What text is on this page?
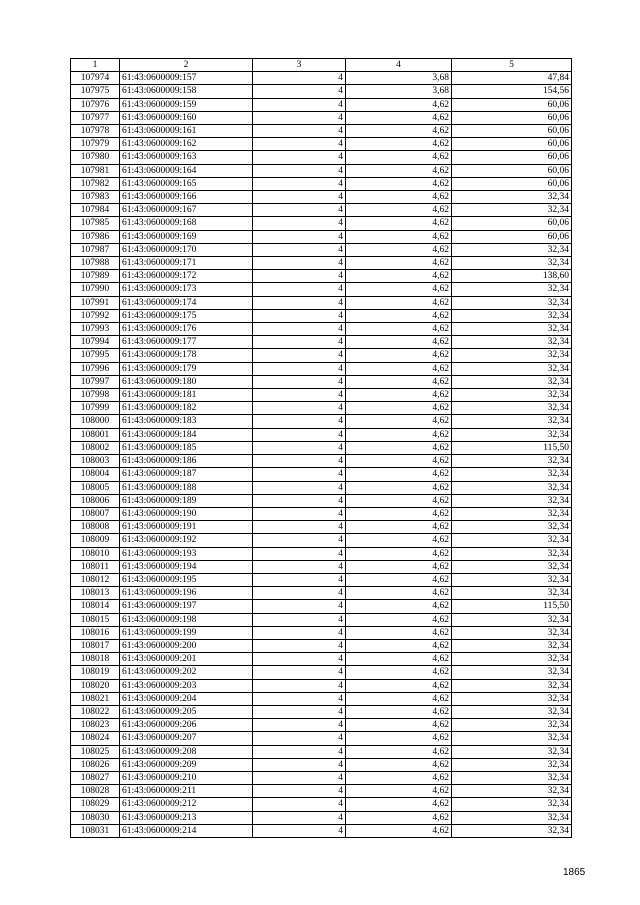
1	2	3	4	5
107974	61:43:0600009:157	4	3,68	47,84
107975	61:43:0600009:158	4	3,68	154,56
107976	61:43:0600009:159	4	4,62	60,06
107977	61:43:0600009:160	4	4,62	60,06
107978	61:43:0600009:161	4	4,62	60,06
107979	61:43:0600009:162	4	4,62	60,06
107980	61:43:0600009:163	4	4,62	60,06
107981	61:43:0600009:164	4	4,62	60,06
107982	61:43:0600009:165	4	4,62	60,06
107983	61:43:0600009:166	4	4,62	32,34
107984	61:43:0600009:167	4	4,62	32,34
107985	61:43:0600009:168	4	4,62	60,06
107986	61:43:0600009:169	4	4,62	60,06
107987	61:43:0600009:170	4	4,62	32,34
107988	61:43:0600009:171	4	4,62	32,34
107989	61:43:0600009:172	4	4,62	138,60
107990	61:43:0600009:173	4	4,62	32,34
107991	61:43:0600009:174	4	4,62	32,34
107992	61:43:0600009:175	4	4,62	32,34
107993	61:43:0600009:176	4	4,62	32,34
107994	61:43:0600009:177	4	4,62	32,34
107995	61:43:0600009:178	4	4,62	32,34
107996	61:43:0600009:179	4	4,62	32,34
107997	61:43:0600009:180	4	4,62	32,34
107998	61:43:0600009:181	4	4,62	32,34
107999	61:43:0600009:182	4	4,62	32,34
108000	61:43:0600009:183	4	4,62	32,34
108001	61:43:0600009:184	4	4,62	32,34
108002	61:43:0600009:185	4	4,62	115,50
108003	61:43:0600009:186	4	4,62	32,34
108004	61:43:0600009:187	4	4,62	32,34
108005	61:43:0600009:188	4	4,62	32,34
108006	61:43:0600009:189	4	4,62	32,34
108007	61:43:0600009:190	4	4,62	32,34
108008	61:43:0600009:191	4	4,62	32,34
108009	61:43:0600009:192	4	4,62	32,34
108010	61:43:0600009:193	4	4,62	32,34
108011	61:43:0600009:194	4	4,62	32,34
108012	61:43:0600009:195	4	4,62	32,34
108013	61:43:0600009:196	4	4,62	32,34
108014	61:43:0600009:197	4	4,62	115,50
108015	61:43:0600009:198	4	4,62	32,34
108016	61:43:0600009:199	4	4,62	32,34
108017	61:43:0600009:200	4	4,62	32,34
108018	61:43:0600009:201	4	4,62	32,34
108019	61:43:0600009:202	4	4,62	32,34
108020	61:43:0600009:203	4	4,62	32,34
108021	61:43:0600009:204	4	4,62	32,34
108022	61:43:0600009:205	4	4,62	32,34
108023	61:43:0600009:206	4	4,62	32,34
108024	61:43:0600009:207	4	4,62	32,34
108025	61:43:0600009:208	4	4,62	32,34
108026	61:43:0600009:209	4	4,62	32,34
108027	61:43:0600009:210	4	4,62	32,34
108028	61:43:0600009:211	4	4,62	32,34
108029	61:43:0600009:212	4	4,62	32,34
108030	61:43:0600009:213	4	4,62	32,34
108031	61:43:0600009:214	4	4,62	32,34
1865
